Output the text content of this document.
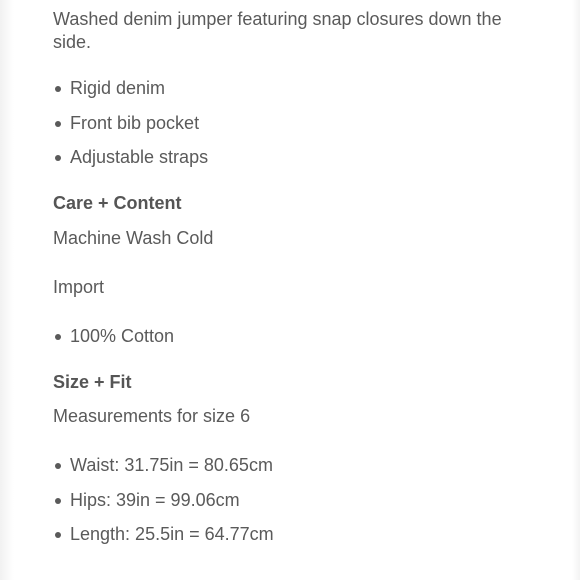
Washed denim jumper featuring snap closures down the side.

Rigid denim
Front bib pocket
Adjustable straps
Care + Content
Machine Wash Cold
Import
100% Cotton
Size + Fit
Measurements for size 6
Waist: 31.75in = 80.65cm
Hips: 39in = 99.06cm
Length: 25.5in = 64.77cm
